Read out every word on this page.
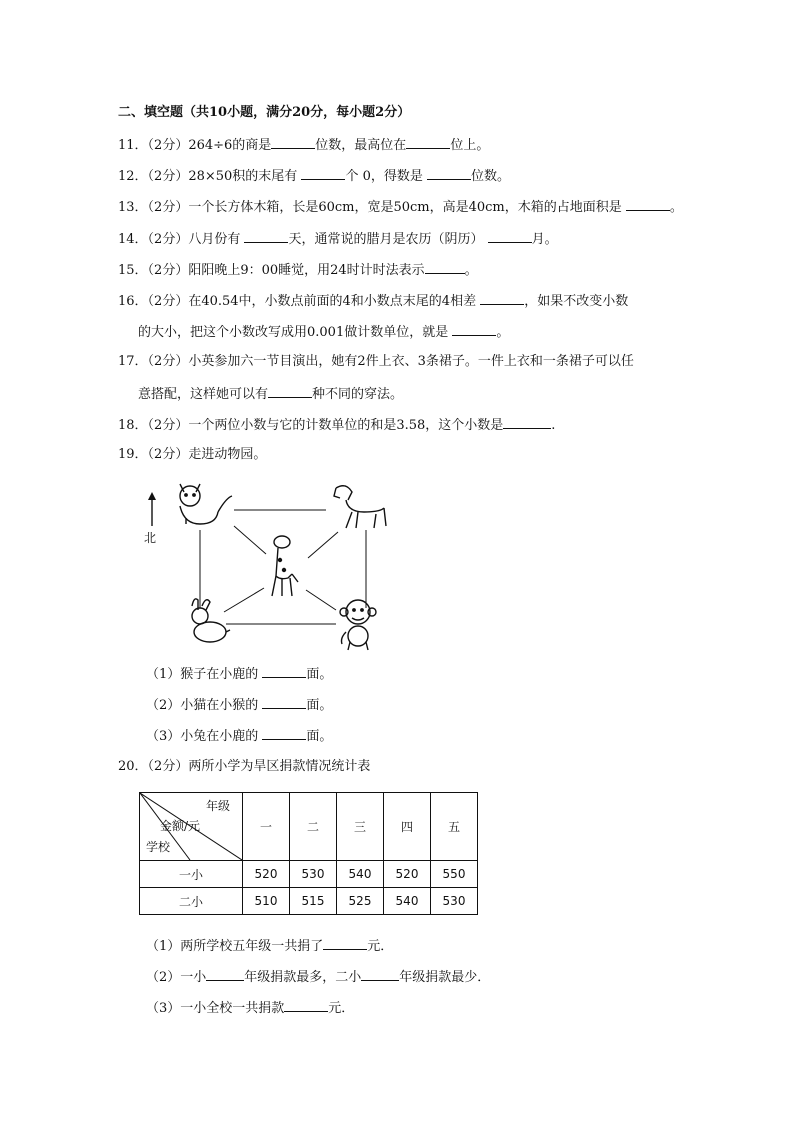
二、填空题（共10小题，满分20分，每小题2分）
11．（2分）264÷6的商是	位数，最高位在	位上。
12．（2分）28×50积的末尾有	个 0，得数是	位数。
13．（2分）一个长方体木箱，长是60cm，宽是50cm，高是40cm，木箱的占地面积是	。
14．（2分）八月份有	天，通常说的腊月是农历（阴历）	月。
15．（2分）阳阳晚上9：00睡觉，用24时计时法表示	。
16．（2分）在40.54中，小数点前面的4和小数点末尾的4相差	，如果不改变小数
的大小，把这个小数改写成用0.001做计数单位，就是	。
17．（2分）小英参加六一节目演出，她有2件上衣、3条裙子。一件上衣和一条裙子可以任
意搭配，这样她可以有	种不同的穿法。
18．（2分）一个两位小数与它的计数单位的和是3.58，这个小数是	.
19．（2分）走进动物园。
北
（1）猴子在小鹿的	面。
（2）小猫在小猴的	面。
（3）小兔在小鹿的	面。
20．（2分）两所小学为旱区捐款情况统计表
年级
金额/元
学校	一	二	三	四	五
一小	520	530	540	520	550
二小	510	515	525	540	530
（1）两所学校五年级一共捐了	元．
（2）一小	年级捐款最多，二小	年级捐款最少．
（3）一小全校一共捐款	元．
